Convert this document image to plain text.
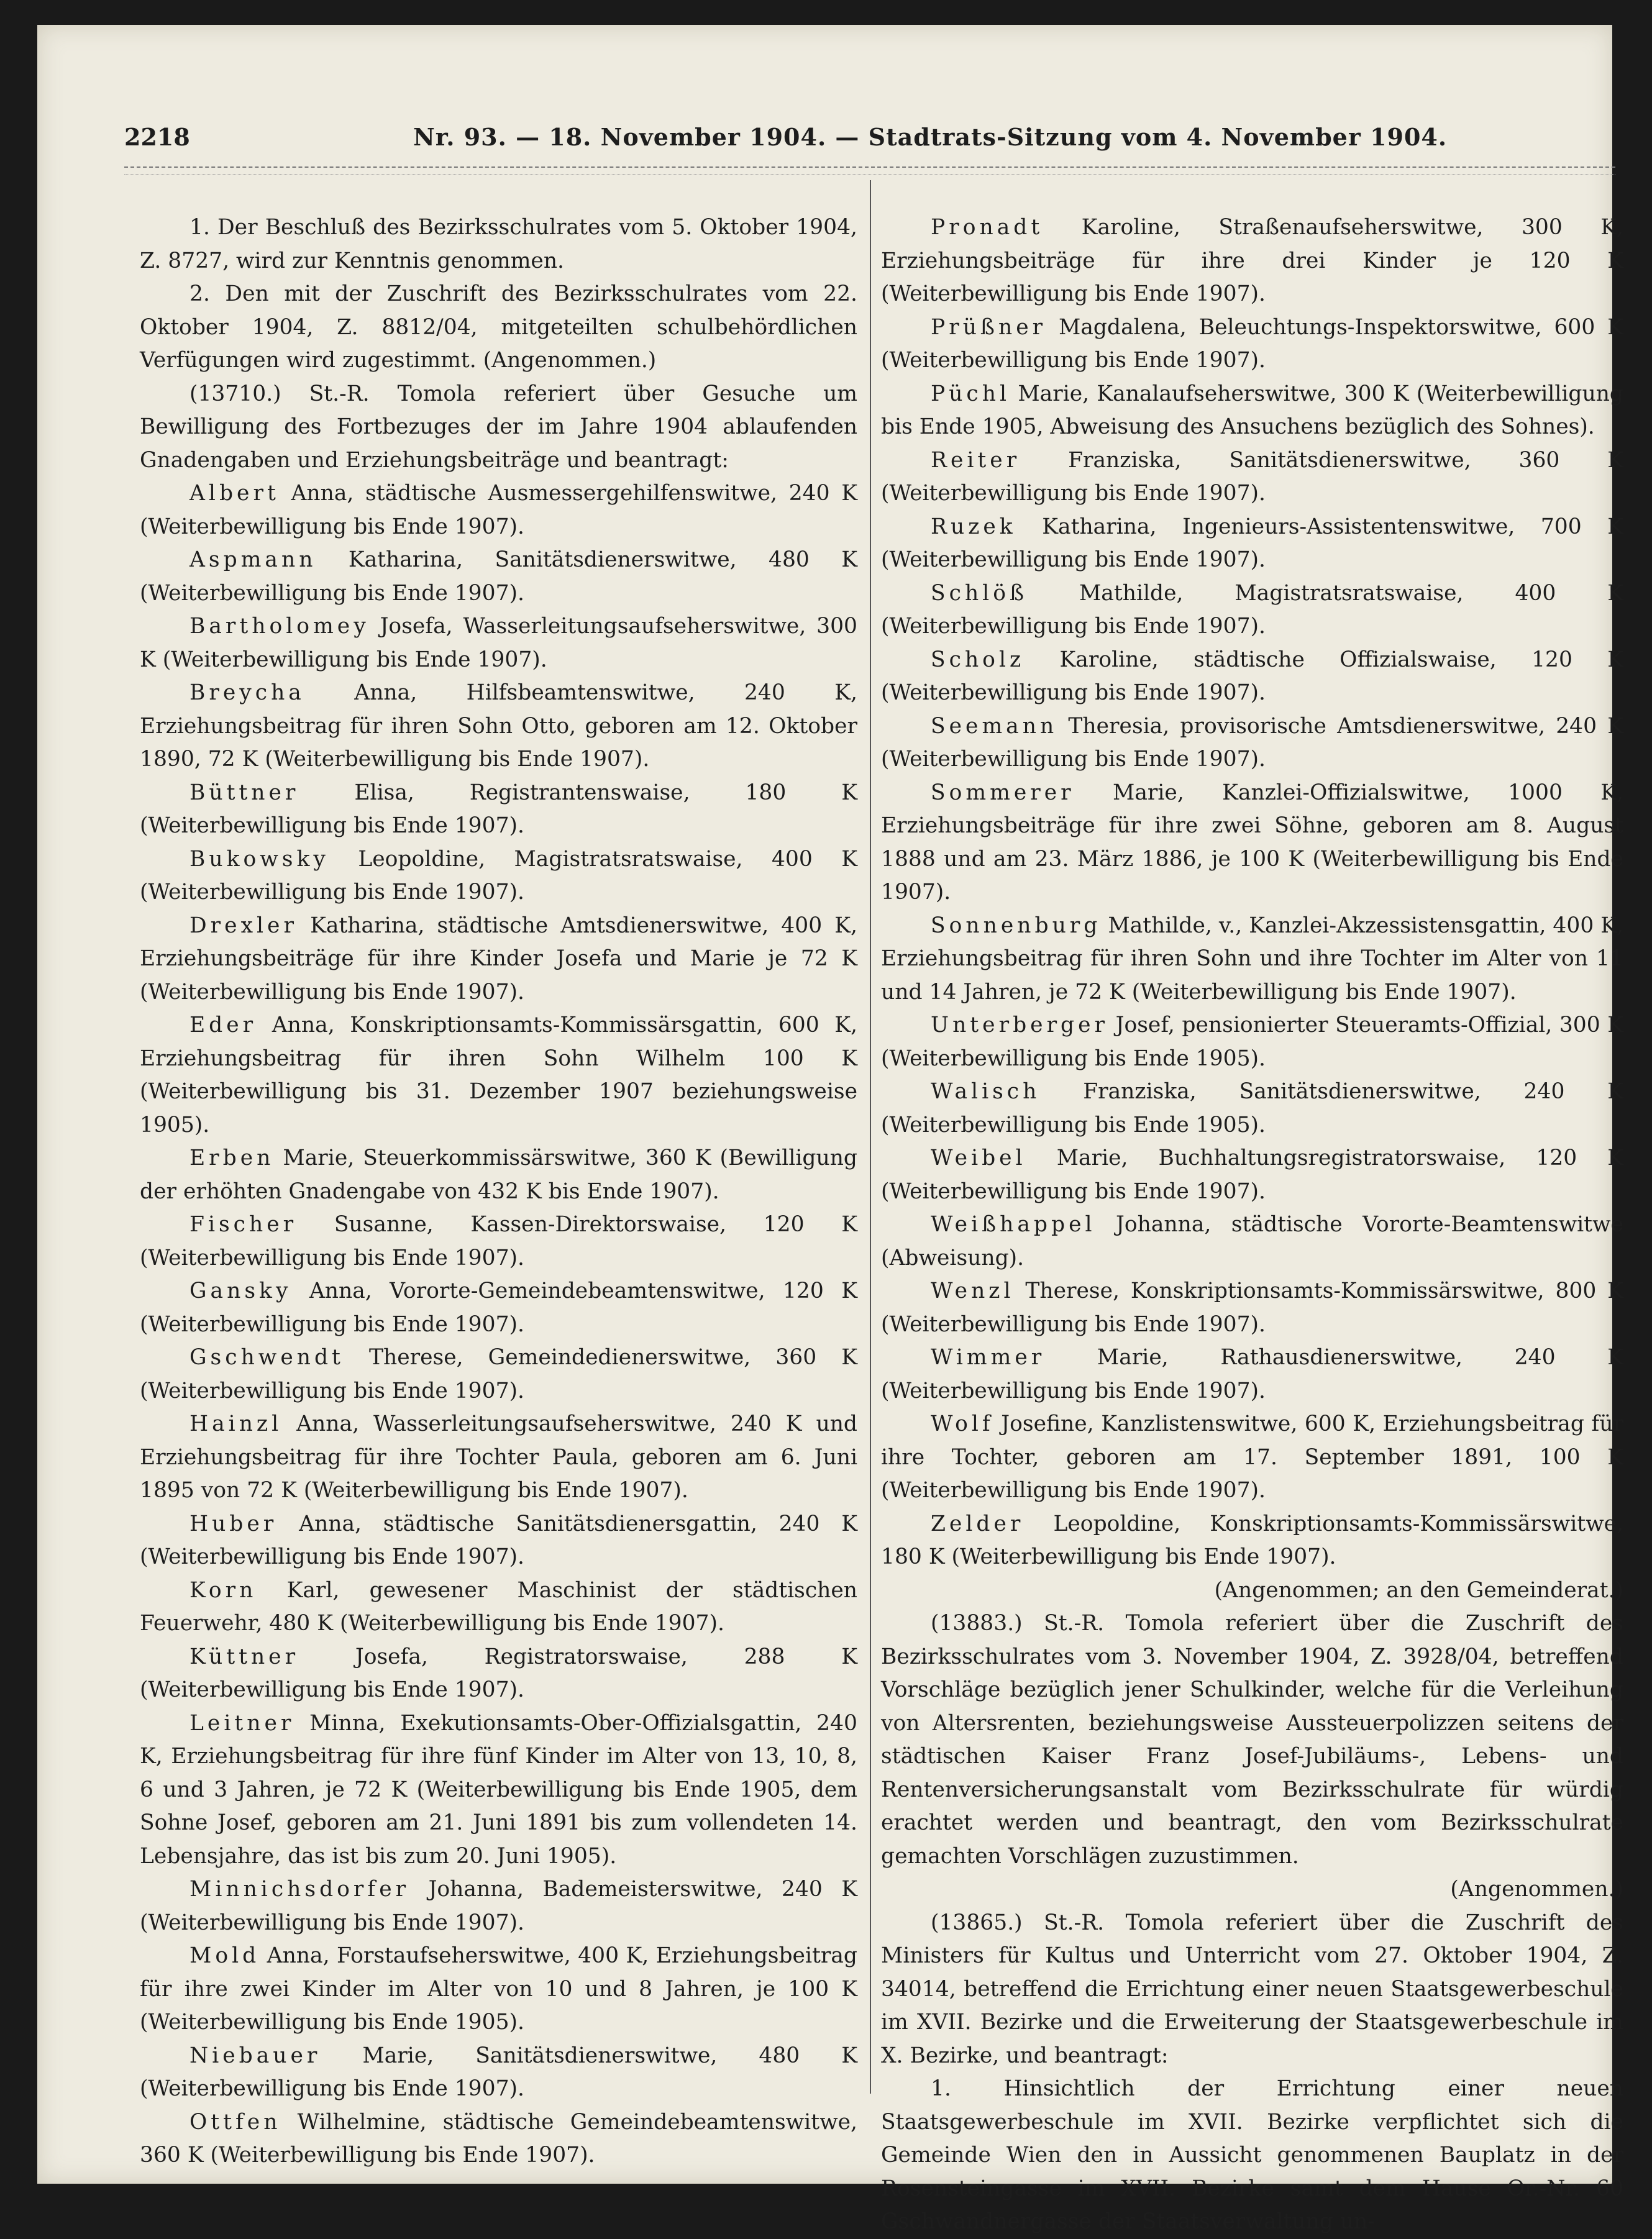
2218	Nr. 93. — 18. November 1904. — Stadtrats-Sitzung vom 4. November 1904.

1. Der Beschluß des Bezirksschulrates vom 5. Oktober 1904, Z. 8727, wird zur Kenntnis genommen.

2. Den mit der Zuschrift des Bezirksschulrates vom 22. Oktober 1904, Z. 8812/04, mitgeteilten schulbehördlichen Verfügungen wird zugestimmt. (Angenommen.)

(13710.) St.-R. Tomola referiert über Gesuche um Bewilligung des Fortbezuges der im Jahre 1904 ablaufenden Gnadengaben und Erziehungsbeiträge und beantragt:

Albert Anna, städtische Ausmessergehilfenswitwe, 240 K (Weiterbewilligung bis Ende 1907).

Aspmann Katharina, Sanitätsdienerswitwe, 480 K (Weiterbewilligung bis Ende 1907).

Bartholomey Josefa, Wasserleitungsaufseherswitwe, 300 K (Weiterbewilligung bis Ende 1907).

Breycha Anna, Hilfsbeamtenswitwe, 240 K, Erziehungsbeitrag für ihren Sohn Otto, geboren am 12. Oktober 1890, 72 K (Weiterbewilligung bis Ende 1907).

Büttner	Elisa, Registrantenswaise, 180 K (Weiterbewilligung bis Ende 1907).

Bukowsky Leopoldine, Magistratsratswaise, 400 K (Weiterbewilligung bis Ende 1907).

Drexler Katharina, städtische Amtsdienerswitwe, 400 K, Erziehungsbeiträge für ihre Kinder Josefa und Marie je 72 K (Weiterbewilligung bis Ende 1907).

Eder Anna, Konskriptionsamts-Kommissärsgattin, 600 K, Erziehungsbeitrag für ihren Sohn Wilhelm 100 K (Weiterbewilligung bis 31. Dezember 1907 beziehungsweise 1905).

Erben Marie, Steuerkommissärswitwe, 360 K (Bewilligung der erhöhten Gnadengabe von 432 K bis Ende 1907).

Fischer Susanne, Kassen-Direktorswaise, 120 K (Weiterbewilligung bis Ende 1907).

Gansky Anna, Vororte-Gemeindebeamtenswitwe, 120 K (Weiterbewilligung bis Ende 1907).

Gschwendt Therese, Gemeindedienerswitwe, 360 K (Weiterbewilligung bis Ende 1907).

Hainzl Anna, Wasserleitungsaufseherswitwe, 240 K und Erziehungsbeitrag für ihre Tochter Paula, geboren am 6. Juni 1895 von 72 K (Weiterbewilligung bis Ende 1907).

Huber Anna, städtische Sanitätsdienersgattin, 240 K (Weiterbewilligung bis Ende 1907).

Korn Karl, gewesener Maschinist der städtischen Feuerwehr, 480 K (Weiterbewilligung bis Ende 1907).

Küttner	Josefa, Registratorswaise, 288 K (Weiterbewilligung bis Ende 1907).

Leitner Minna, Exekutionsamts-Ober-Offizialsgattin, 240 K, Erziehungsbeitrag für ihre fünf Kinder im Alter von 13, 10, 8, 6 und 3 Jahren, je 72 K (Weiterbewilligung bis Ende 1905, dem Sohne Josef, geboren am 21. Juni 1891 bis zum vollendeten 14. Lebensjahre, das ist bis zum 20. Juni 1905).

Minnichsdorfer Johanna, Bademeisterswitwe, 240 K (Weiterbewilligung bis Ende 1907).

Mold Anna, Forstaufseherswitwe, 400 K, Erziehungsbeitrag für ihre zwei Kinder im Alter von 10 und 8 Jahren, je 100 K (Weiterbewilligung bis Ende 1905).

Niebauer Marie, Sanitätsdienerswitwe, 480 K (Weiterbewilligung bis Ende 1907).

Ottfen Wilhelmine, städtische Gemeindebeamtenswitwe, 360 K (Weiterbewilligung bis Ende 1907).

Pronadt Karoline, Straßenaufseherswitwe, 300 K, Erziehungsbeiträge für ihre drei Kinder je 120 K (Weiterbewilligung bis Ende 1907).

Prüßner Magdalena, Beleuchtungs-Inspektorswitwe, 600 K (Weiterbewilligung bis Ende 1907).

Püchl Marie, Kanalaufseherswitwe, 300 K (Weiterbewilligung bis Ende 1905, Abweisung des Ansuchens bezüglich des Sohnes).

Reiter Franziska, Sanitätsdienerswitwe, 360 K (Weiterbewilligung bis Ende 1907).

Ruzek Katharina, Ingenieurs-Assistentenswitwe, 700 K (Weiterbewilligung bis Ende 1907).

Schlöß Mathilde, Magistratsratswaise, 400 K (Weiterbewilligung bis Ende 1907).

Scholz Karoline, städtische Offizialswaise, 120 K (Weiterbewilligung bis Ende 1907).

Seemann Theresia, provisorische Amtsdienerswitwe, 240 K (Weiterbewilligung bis Ende 1907).

Sommerer Marie, Kanzlei-Offizialswitwe, 1000 K, Erziehungsbeiträge für ihre zwei Söhne, geboren am 8. August 1888 und am 23. März 1886, je 100 K (Weiterbewilligung bis Ende 1907).

Sonnenburg Mathilde, v., Kanzlei-Akzessistensgattin, 400 K, Erziehungsbeitrag für ihren Sohn und ihre Tochter im Alter von 11 und 14 Jahren, je 72 K (Weiterbewilligung bis Ende 1907).

Unterberger Josef, pensionierter Steueramts-Offizial, 300 K (Weiterbewilligung bis Ende 1905).

Walisch Franziska, Sanitätsdienerswitwe, 240 K (Weiterbewilligung bis Ende 1905).

Weibel Marie, Buchhaltungsregistratorswaise, 120 K (Weiterbewilligung bis Ende 1907).

Weißhappel Johanna, städtische Vororte-Beamtenswitwe (Abweisung).

Wenzl Therese, Konskriptionsamts-Kommissärswitwe, 800 K (Weiterbewilligung bis Ende 1907).

Wimmer Marie, Rathausdienerswitwe, 240 K (Weiterbewilligung bis Ende 1907).

Wolf Josefine, Kanzlistenswitwe, 600 K, Erziehungsbeitrag für ihre Tochter, geboren am 17. September 1891, 100 K (Weiterbewilligung bis Ende 1907).

Zelder Leopoldine, Konskriptionsamts-Kommissärswitwe, 180 K (Weiterbewilligung bis Ende 1907).

(Angenommen; an den Gemeinderat.)

(13883.) St.-R. Tomola referiert über die Zuschrift des Bezirksschulrates vom 3. November 1904, Z. 3928/04, betreffend Vorschläge bezüglich jener Schulkinder, welche für die Verleihung von Altersrenten, beziehungsweise Aussteuerpolizzen seitens der städtischen Kaiser Franz Josef-Jubiläums-, Lebens- und Rentenversicherungsanstalt vom Bezirksschulrate für würdig erachtet werden und beantragt, den vom Bezirksschulrate gemachten Vorschlägen zuzustimmen.

(Angenommen.)

(13865.) St.-R. Tomola referiert über die Zuschrift des Ministers für Kultus und Unterricht vom 27. Oktober 1904, Z. 34014, betreffend die Errichtung einer neuen Staatsgewerbeschule im XVII. Bezirke und die Erweiterung der Staatsgewerbeschule im X. Bezirke, und beantragt:

1. Hinsichtlich der Errichtung einer neuen Staatsgewerbeschule im XVII. Bezirke verpflichtet sich die Gemeinde Wien den in Aussicht genommenen Bauplatz in der Rosensteingasse im XVII. Bezirke samt dem Hause Or.-Nr. 60 Gschwandnergasse der Staatsverwaltung un-
